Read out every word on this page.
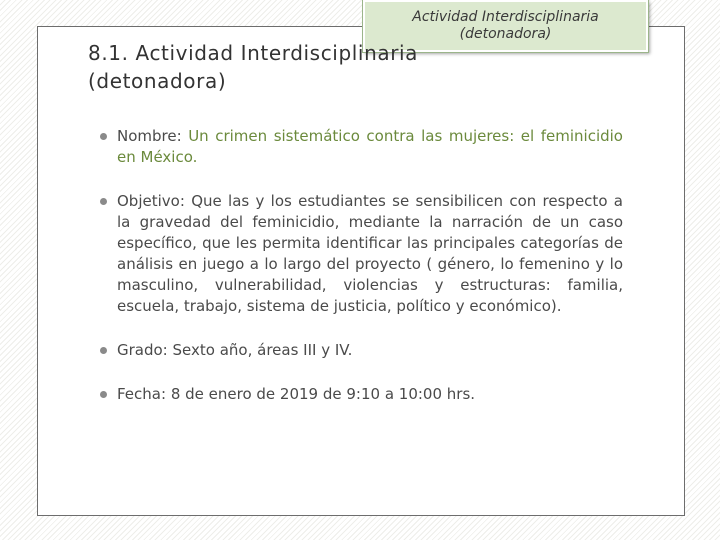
Actividad Interdisciplinaria
(detonadora)
8.1. Actividad Interdisciplinaria
(detonadora)
Nombre: Un crimen sistemático contra las mujeres: el feminicidio en México.
Objetivo: Que las y los estudiantes se sensibilicen con respecto a la gravedad del feminicidio, mediante la narración de un caso específico, que les permita identificar las principales categorías de análisis en juego a lo largo del proyecto ( género, lo femenino y lo masculino, vulnerabilidad, violencias y estructuras: familia, escuela, trabajo, sistema de justicia, político y económico).
Grado: Sexto año, áreas III y IV.
Fecha: 8 de enero de 2019 de 9:10 a 10:00 hrs.
